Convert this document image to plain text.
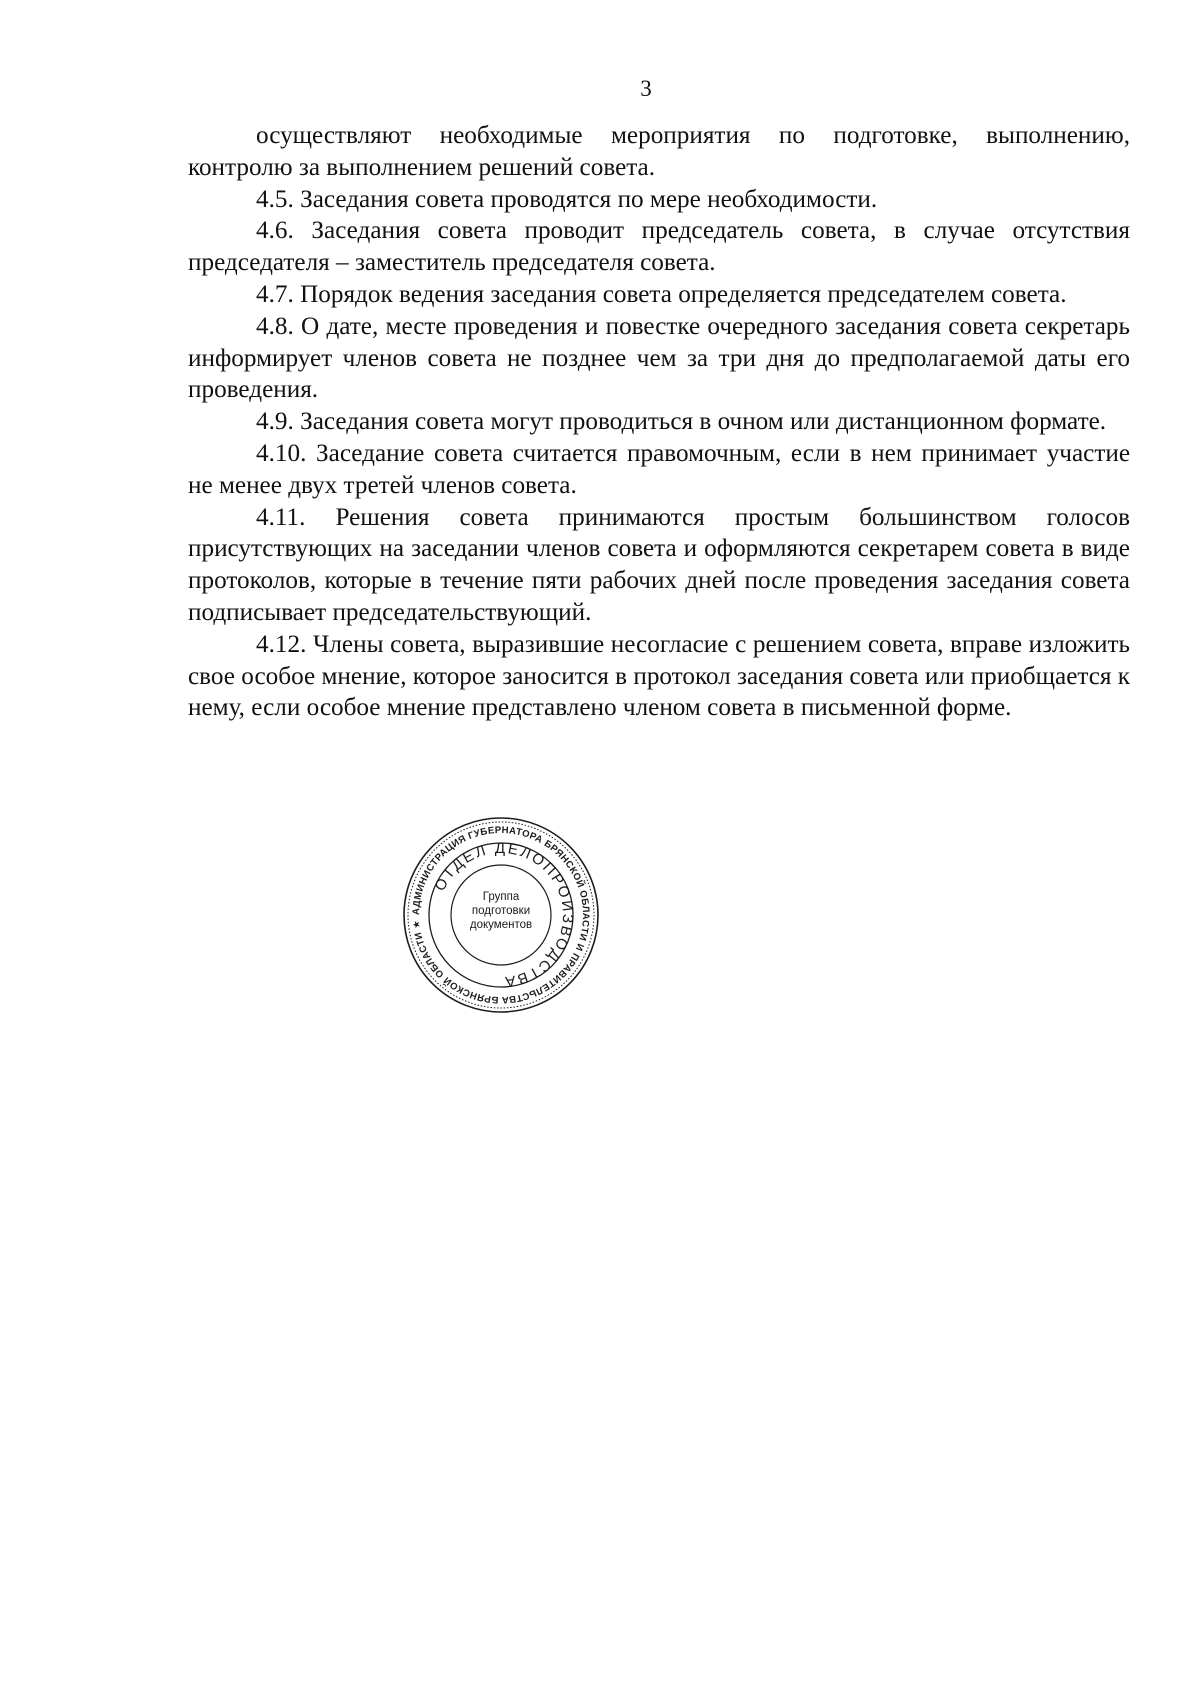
3

осуществляют необходимые мероприятия по подготовке, выполнению, контролю за выполнением решений совета.

4.5. Заседания совета проводятся по мере необходимости.

4.6. Заседания совета проводит председатель совета, в случае отсутствия председателя – заместитель председателя совета.

4.7. Порядок ведения заседания совета определяется председателем совета.

4.8. О дате, месте проведения и повестке очередного заседания совета секретарь информирует членов совета не позднее чем за три дня до предполагаемой даты его проведения.

4.9. Заседания совета могут проводиться в очном или дистанционном формате.

4.10. Заседание совета считается правомочным, если в нем принимает участие не менее двух третей членов совета.

4.11. Решения совета принимаются простым большинством голосов присутствующих на заседании членов совета и оформляются секретарем совета в виде протоколов, которые в течение пяти рабочих дней после проведения заседания совета подписывает председательствующий.

4.12. Члены совета, выразившие несогласие с решением совета, вправе изложить свое особое мнение, которое заносится в протокол заседания совета или приобщается к нему, если особое мнение представлено членом совета в письменной форме.

АДМИНИСТРАЦИЯ ГУБЕРНАТОРА БРЯНСКОЙ ОБЛАСТИ И ПРАВИТЕЛЬСТВА БРЯНСКОЙ ОБЛАСТИ ★
ОТДЕЛ ДЕЛОПРОИЗВОДСТВА
Группа
подготовки
документов
